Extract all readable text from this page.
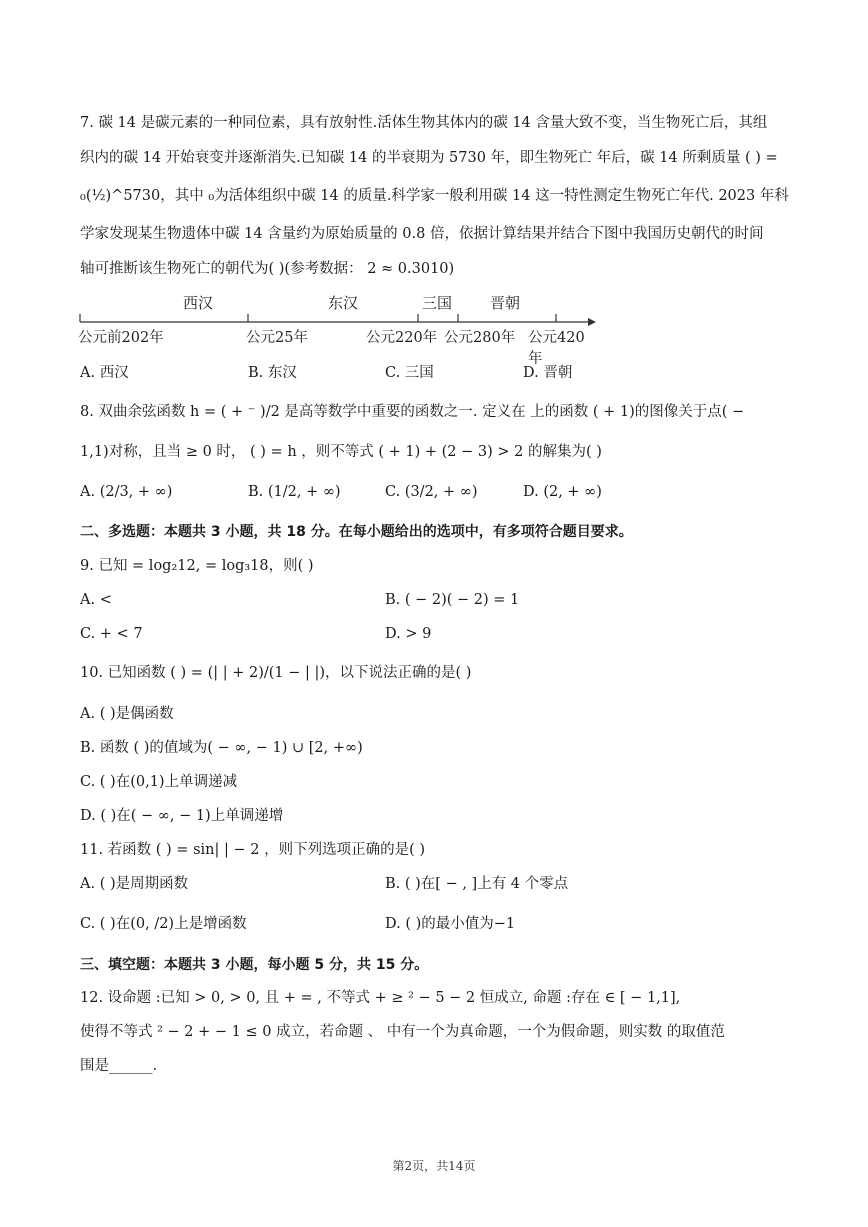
7. 碳 14 是碳元素的一种同位素，具有放射性.活体生物其体内的碳 14 含量大致不变，当生物死亡后，其组
织内的碳 14 开始衰变并逐渐消失.已知碳 14 的半衰期为 5730 年，即生物死亡 年后，碳 14 所剩质量 ( ) =
₀(½)^5730，其中 ₀为活体组织中碳 14 的质量.科学家一般利用碳 14 这一特性测定生物死亡年代. 2023 年科
学家发现某生物遗体中碳 14 含量约为原始质量的 0.8 倍，依据计算结果并结合下图中我国历史朝代的时间
轴可推断该生物死亡的朝代为( )(参考数据： 2 ≈ 0.3010)
西汉	东汉	三国	晋朝
公元前202年	公元25年	公元220年 公元280年 公元420年
A. 西汉	B. 东汉	C. 三国	D. 晋朝
8. 双曲余弦函数 h = ( + ⁻ )/2 是高等数学中重要的函数之一. 定义在 上的函数 ( + 1)的图像关于点( −
1,1)对称，且当 ≥ 0 时， ( ) = h ，则不等式 ( + 1) + (2 − 3) > 2 的解集为( )
A. (2/3, + ∞)	B. (1/2, + ∞)	C. (3/2, + ∞)	D. (2, + ∞)
二、多选题：本题共 3 小题，共 18 分。在每小题给出的选项中，有多项符合题目要求。
9. 已知 = log₂12, = log₃18，则( )
A. <	B. ( − 2)( − 2) = 1
C. + < 7	D. > 9
10. 已知函数 ( ) = (| | + 2)/(1 − | |)，以下说法正确的是( )
A. ( )是偶函数
B. 函数 ( )的值域为( − ∞, − 1) ∪ [2, +∞)
C. ( )在(0,1)上单调递减
D. ( )在( − ∞, − 1)上单调递增
11. 若函数 ( ) = sin| | − 2 ，则下列选项正确的是( )
A. ( )是周期函数	B. ( )在[ − , ]上有 4 个零点
C. ( )在(0, /2)上是增函数	D. ( )的最小值为−1
三、填空题：本题共 3 小题，每小题 5 分，共 15 分。
12. 设命题 :已知 > 0, > 0, 且 + = , 不等式 + ≥ ² − 5 − 2 恒成立, 命题 :存在 ∈ [ − 1,1],
使得不等式 ² − 2 + − 1 ≤ 0 成立，若命题 、 中有一个为真命题，一个为假命题，则实数 的取值范
围是______.
第2页，共14页
